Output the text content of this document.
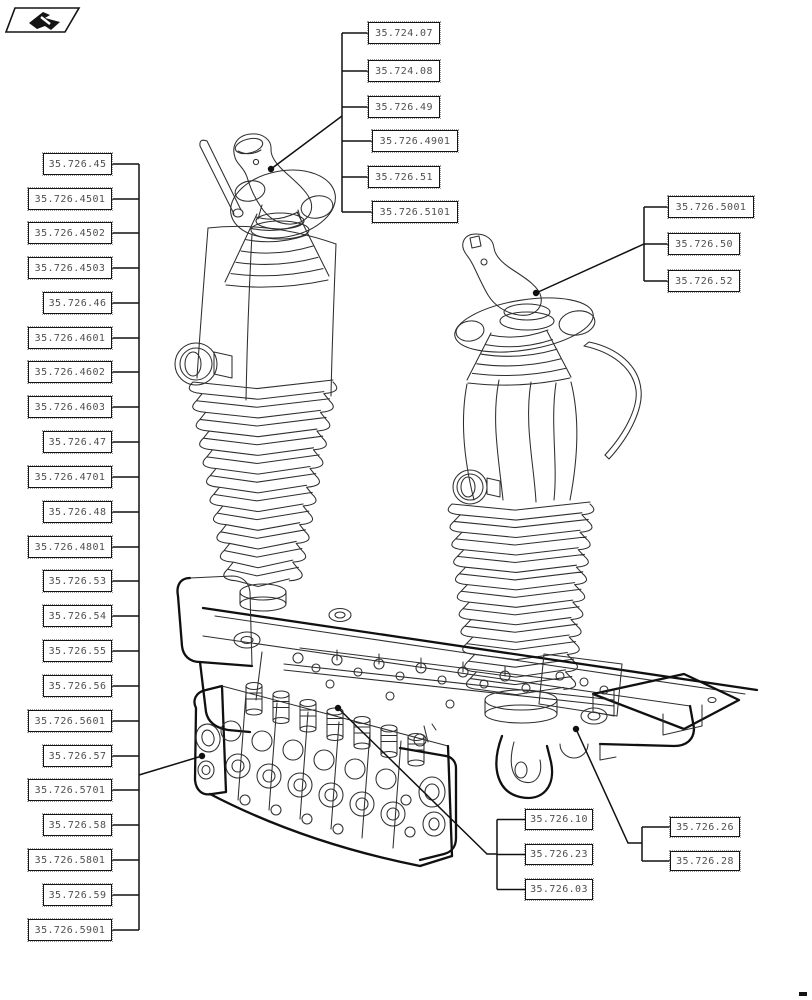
35.726.45
35.726.4501
35.726.4502
35.726.4503
35.726.46
35.726.4601
35.726.4602
35.726.4603
35.726.47
35.726.4701
35.726.48
35.726.4801
35.726.53
35.726.54
35.726.55
35.726.56
35.726.5601
35.726.57
35.726.5701
35.726.58
35.726.5801
35.726.59
35.726.5901
35.724.07
35.724.08
35.726.49
35.726.4901
35.726.51
35.726.5101	35.726.5001
35.726.50
35.726.52
35.726.10
35.726.23
35.726.03
35.726.26
35.726.28
